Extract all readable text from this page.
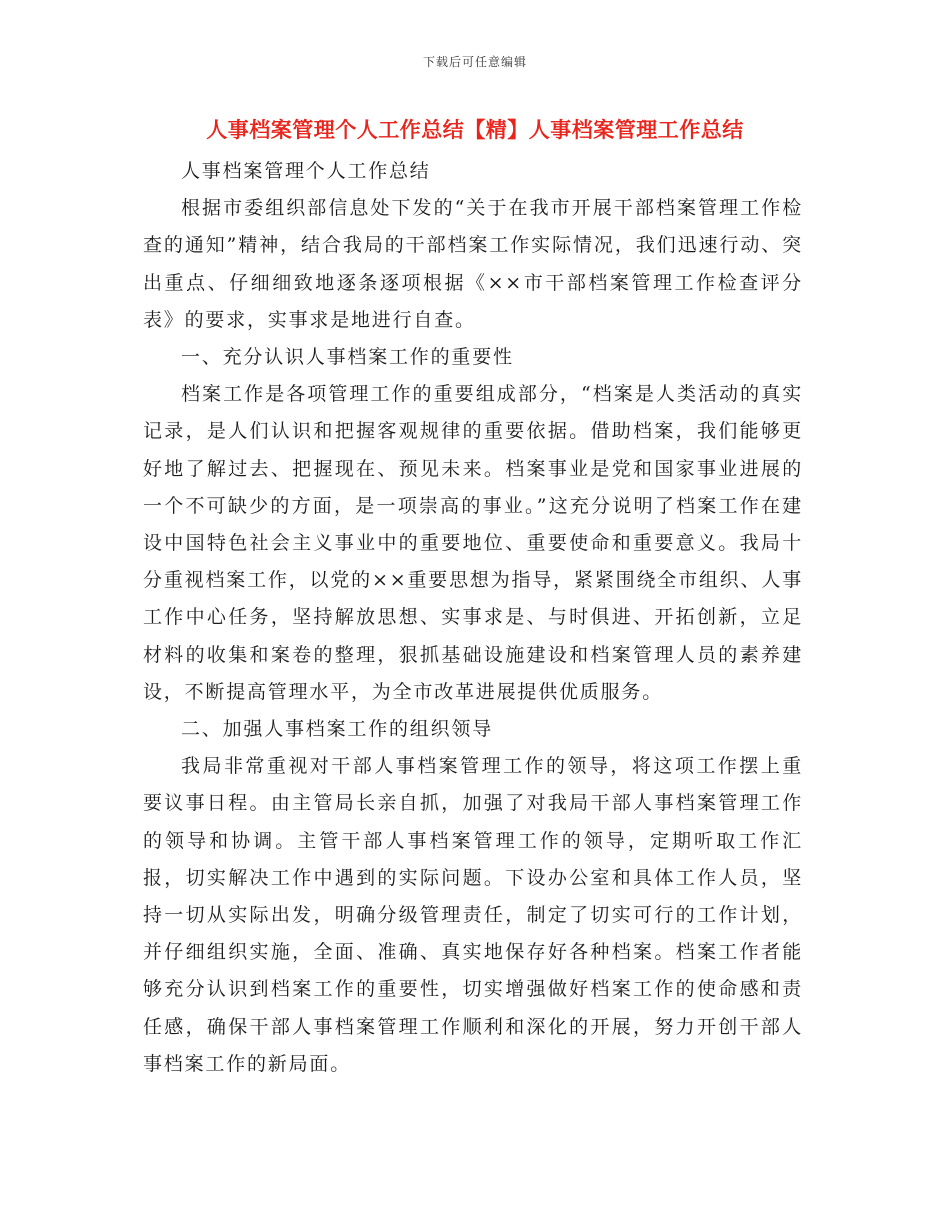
下载后可任意编辑
人事档案管理个人工作总结【精】人事档案管理工作总结

人事档案管理个人工作总结

根据市委组织部信息处下发的“关于在我市开展干部档案管理工作检查的通知”精神，结合我局的干部档案工作实际情况，我们迅速行动、突出重点、仔细细致地逐条逐项根据《××市干部档案管理工作检查评分表》的要求，实事求是地进行自查。

一、充分认识人事档案工作的重要性

档案工作是各项管理工作的重要组成部分，“档案是人类活动的真实记录，是人们认识和把握客观规律的重要依据。借助档案，我们能够更好地了解过去、把握现在、预见未来。档案事业是党和国家事业进展的一个不可缺少的方面，是一项崇高的事业。”这充分说明了档案工作在建设中国特色社会主义事业中的重要地位、重要使命和重要意义。我局十分重视档案工作，以党的××重要思想为指导，紧紧围绕全市组织、人事工作中心任务，坚持解放思想、实事求是、与时俱进、开拓创新，立足材料的收集和案卷的整理，狠抓基础设施建设和档案管理人员的素养建设，不断提高管理水平，为全市改革进展提供优质服务。

二、加强人事档案工作的组织领导

我局非常重视对干部人事档案管理工作的领导，将这项工作摆上重要议事日程。由主管局长亲自抓，加强了对我局干部人事档案管理工作的领导和协调。主管干部人事档案管理工作的领导，定期听取工作汇报，切实解决工作中遇到的实际问题。下设办公室和具体工作人员，坚持一切从实际出发，明确分级管理责任，制定了切实可行的工作计划，并仔细组织实施，全面、准确、真实地保存好各种档案。档案工作者能够充分认识到档案工作的重要性，切实增强做好档案工作的使命感和责任感，确保干部人事档案管理工作顺利和深化的开展，努力开创干部人事档案工作的新局面。
